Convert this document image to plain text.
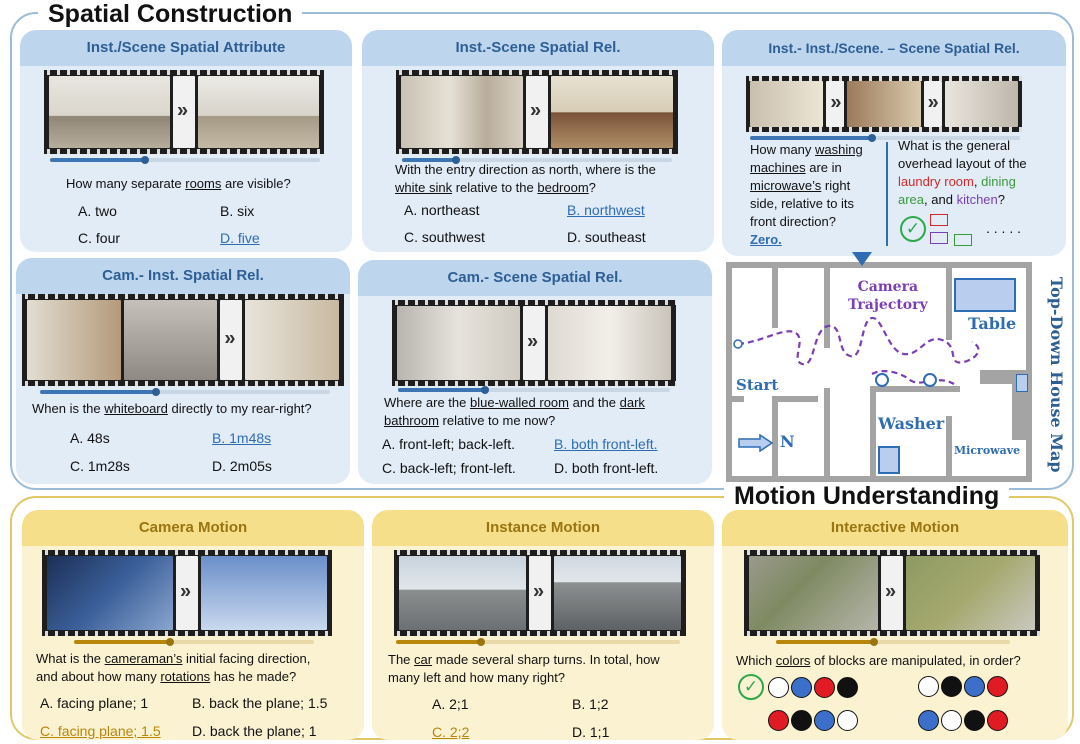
Spatial Construction
Inst./Scene Spatial Attribute
»
How many separate rooms are visible?
A. two	B. six
C. four	D. five
Inst.-Scene Spatial Rel.
»
With the entry direction as north, where is the
white sink relative to the bedroom?
A. northeast	B. northwest
C. southwest	D. southeast
Inst.- Inst./Scene. – Scene Spatial Rel.
»
»
How many washing
machines are in
microwave’s right
side, relative to its
front direction?
Zero.
What is the general
overhead layout of the
laundry room, dining
area, and kitchen?
✓	. . . . .
Cam.- Inst. Spatial Rel.
»
When is the whiteboard directly to my rear-right?
A. 48s	B. 1m48s
C. 1m28s	D. 2m05s
Cam.- Scene Spatial Rel.
»
Where are the blue-walled room and the dark
bathroom relative to me now?
A. front-left; back-left.	B. both front-left.
C. back-left; front-left.	D. both front-left.
Table
Camera
Trajectory
Start
Washer
Microwave
N	Top-Down House Map
Motion Understanding
Camera Motion
»
What is the cameraman’s initial facing direction,
and about how many rotations has he made?
A. facing plane; 1	B. back the plane; 1.5
C. facing plane; 1.5 D. back the plane; 1
Instance Motion
»
The car made several sharp turns. In total, how
many left and how many right?
A. 2;1	B. 1;2
C. 2;2	D. 1;1
Interactive Motion
»
Which colors of blocks are manipulated, in order?
✓
